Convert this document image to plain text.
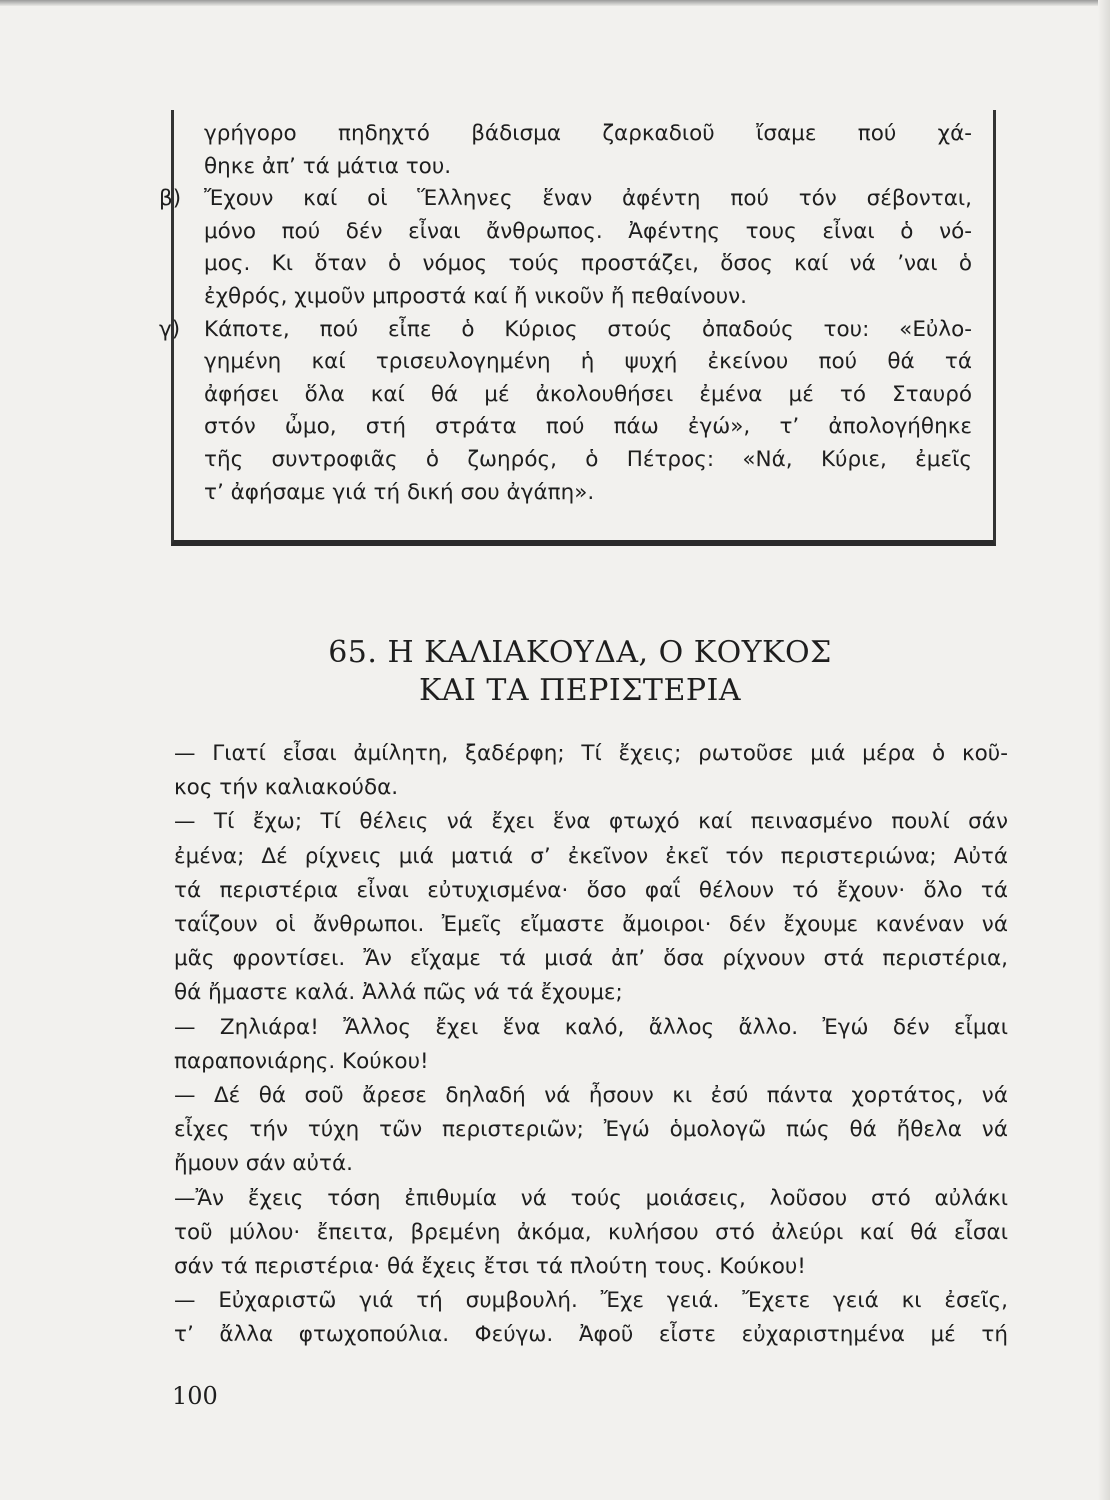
γρήγορο πηδηχτό βάδισμα ζαρκαδιοῦ ἴσαμε πού χά-
θηκε ἀπ’ τά μάτια του.
β) Ἔχουν καί οἱ Ἕλληνες ἕναν ἀφέντη πού τόν σέβονται,
μόνο πού δέν εἶναι ἄνθρωπος. Ἀφέντης τους εἶναι ὁ νό-
μος. Κι ὅταν ὁ νόμος τούς προστάζει, ὅσος καί νά ’ναι ὁ
ἐχθρός, χιμοῦν μπροστά καί ἤ νικοῦν ἤ πεθαίνουν.
γ) Κάποτε, πού εἶπε ὁ Κύριος στούς ὀπαδούς του: «Εὐλο-
γημένη καί τρισευλογημένη ἡ ψυχή ἐκείνου πού θά τά
ἀφήσει ὅλα καί θά μέ ἀκολουθήσει ἐμένα μέ τό Σταυρό
στόν ὦμο, στή στράτα πού πάω ἐγώ», τ’ ἀπολογήθηκε
τῆς συντροφιᾶς ὁ ζωηρός, ὁ Πέτρος: «Νά, Κύριε, ἐμεῖς
τ’ ἀφήσαμε γιά τή δική σου ἀγάπη».
65. Η ΚΑΛΙΑΚΟΥΔΑ, Ο ΚΟΥΚΟΣ
ΚΑΙ ΤΑ ΠΕΡΙΣΤΕΡΙΑ
— Γιατί εἶσαι ἀμίλητη, ξαδέρφη; Τί ἔχεις; ρωτοῦσε μιά μέρα ὁ κοῦ-
κος τήν καλιακούδα.
— Τί ἔχω; Τί θέλεις νά ἔχει ἕνα φτωχό καί πεινασμένο πουλί σάν
ἐμένα; Δέ ρίχνεις μιά ματιά σ’ ἐκεῖνον ἐκεῖ τόν περιστεριώνα; Αὐτά
τά περιστέρια εἶναι εὐτυχισμένα· ὅσο φαΐ θέλουν τό ἔχουν· ὅλο τά
ταΐζουν οἱ ἄνθρωποι. Ἐμεῖς εἴμαστε ἄμοιροι· δέν ἔχουμε κανέναν νά
μᾶς φροντίσει. Ἄν εἴχαμε τά μισά ἀπ’ ὅσα ρίχνουν στά περιστέρια,
θά ἤμαστε καλά. Ἀλλά πῶς νά τά ἔχουμε;
— Ζηλιάρα! Ἄλλος ἔχει ἕνα καλό, ἄλλος ἄλλο. Ἐγώ δέν εἶμαι
παραπονιάρης. Κούκου!
— Δέ θά σοῦ ἄρεσε δηλαδή νά ἦσουν κι ἐσύ πάντα χορτάτος, νά
εἶχες τήν τύχη τῶν περιστεριῶν; Ἐγώ ὁμολογῶ πώς θά ἤθελα νά
ἤμουν σάν αὐτά.
—Ἄν ἔχεις τόση ἐπιθυμία νά τούς μοιάσεις, λοῦσου στό αὐλάκι
τοῦ μύλου· ἔπειτα, βρεμένη ἀκόμα, κυλήσου στό ἀλεύρι καί θά εἶσαι
σάν τά περιστέρια· θά ἔχεις ἔτσι τά πλούτη τους. Κούκου!
— Εὐχαριστῶ γιά τή συμβουλή. Ἔχε γειά. Ἔχετε γειά κι ἐσεῖς,
τ’ ἄλλα φτωχοπούλια. Φεύγω. Ἀφοῦ εἶστε εὐχαριστημένα μέ τή
100
